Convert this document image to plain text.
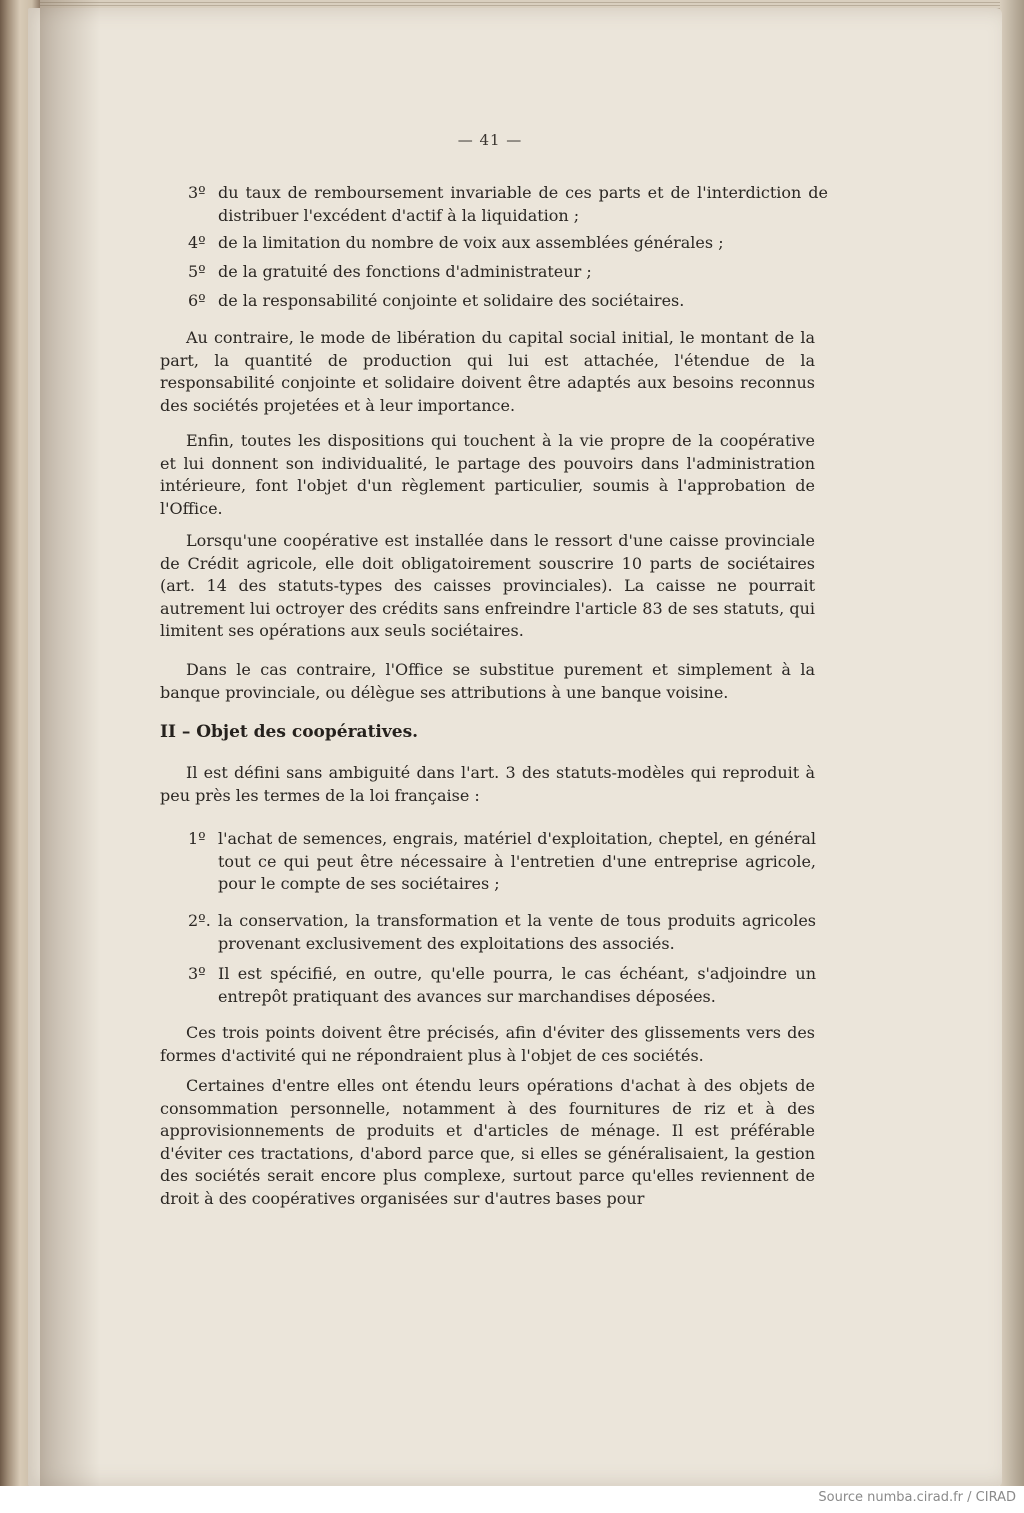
— 41 —
3º du taux de remboursement invariable de ces parts et de l'interdiction de distribuer l'excédent d'actif à la liquidation ;
4º de la limitation du nombre de voix aux assemblées générales ;
5º de la gratuité des fonctions d'administrateur ;
6º de la responsabilité conjointe et solidaire des sociétaires.

Au contraire, le mode de libération du capital social initial, le montant de la part, la quantité de production qui lui est attachée, l'étendue de la responsabilité conjointe et solidaire doivent être adaptés aux besoins reconnus des sociétés projetées et à leur importance.

Enfin, toutes les dispositions qui touchent à la vie propre de la coopérative et lui donnent son individualité, le partage des pouvoirs dans l'administration intérieure, font l'objet d'un règlement particulier, soumis à l'approbation de l'Office.

Lorsqu'une coopérative est installée dans le ressort d'une caisse provinciale de Crédit agricole, elle doit obligatoirement souscrire 10 parts de sociétaires (art. 14 des statuts-types des caisses provinciales). La caisse ne pourrait autrement lui octroyer des crédits sans enfreindre l'article 83 de ses statuts, qui limitent ses opérations aux seuls sociétaires.

Dans le cas contraire, l'Office se substitue purement et simplement à la banque provinciale, ou délègue ses attributions à une banque voisine.

II – Objet des coopératives.

Il est défini sans ambiguité dans l'art. 3 des statuts-modèles qui reproduit à peu près les termes de la loi française :

1º l'achat de semences, engrais, matériel d'exploitation, cheptel, en général tout ce qui peut être nécessaire à l'entretien d'une entreprise agricole, pour le compte de ses sociétaires ;
2º. la conservation, la transformation et la vente de tous produits agricoles provenant exclusivement des exploitations des associés.
3º Il est spécifié, en outre, qu'elle pourra, le cas échéant, s'adjoindre un entrepôt pratiquant des avances sur marchandises déposées.

Ces trois points doivent être précisés, afin d'éviter des glissements vers des formes d'activité qui ne répondraient plus à l'objet de ces sociétés.

Certaines d'entre elles ont étendu leurs opérations d'achat à des objets de consommation personnelle, notamment à des fournitures de riz et à des approvisionnements de produits et d'articles de ménage. Il est préférable d'éviter ces tractations, d'abord parce que, si elles se généralisaient, la gestion des sociétés serait encore plus complexe, surtout parce qu'elles reviennent de droit à des coopératives organisées sur d'autres bases pour

Source numba.cirad.fr / CIRAD
